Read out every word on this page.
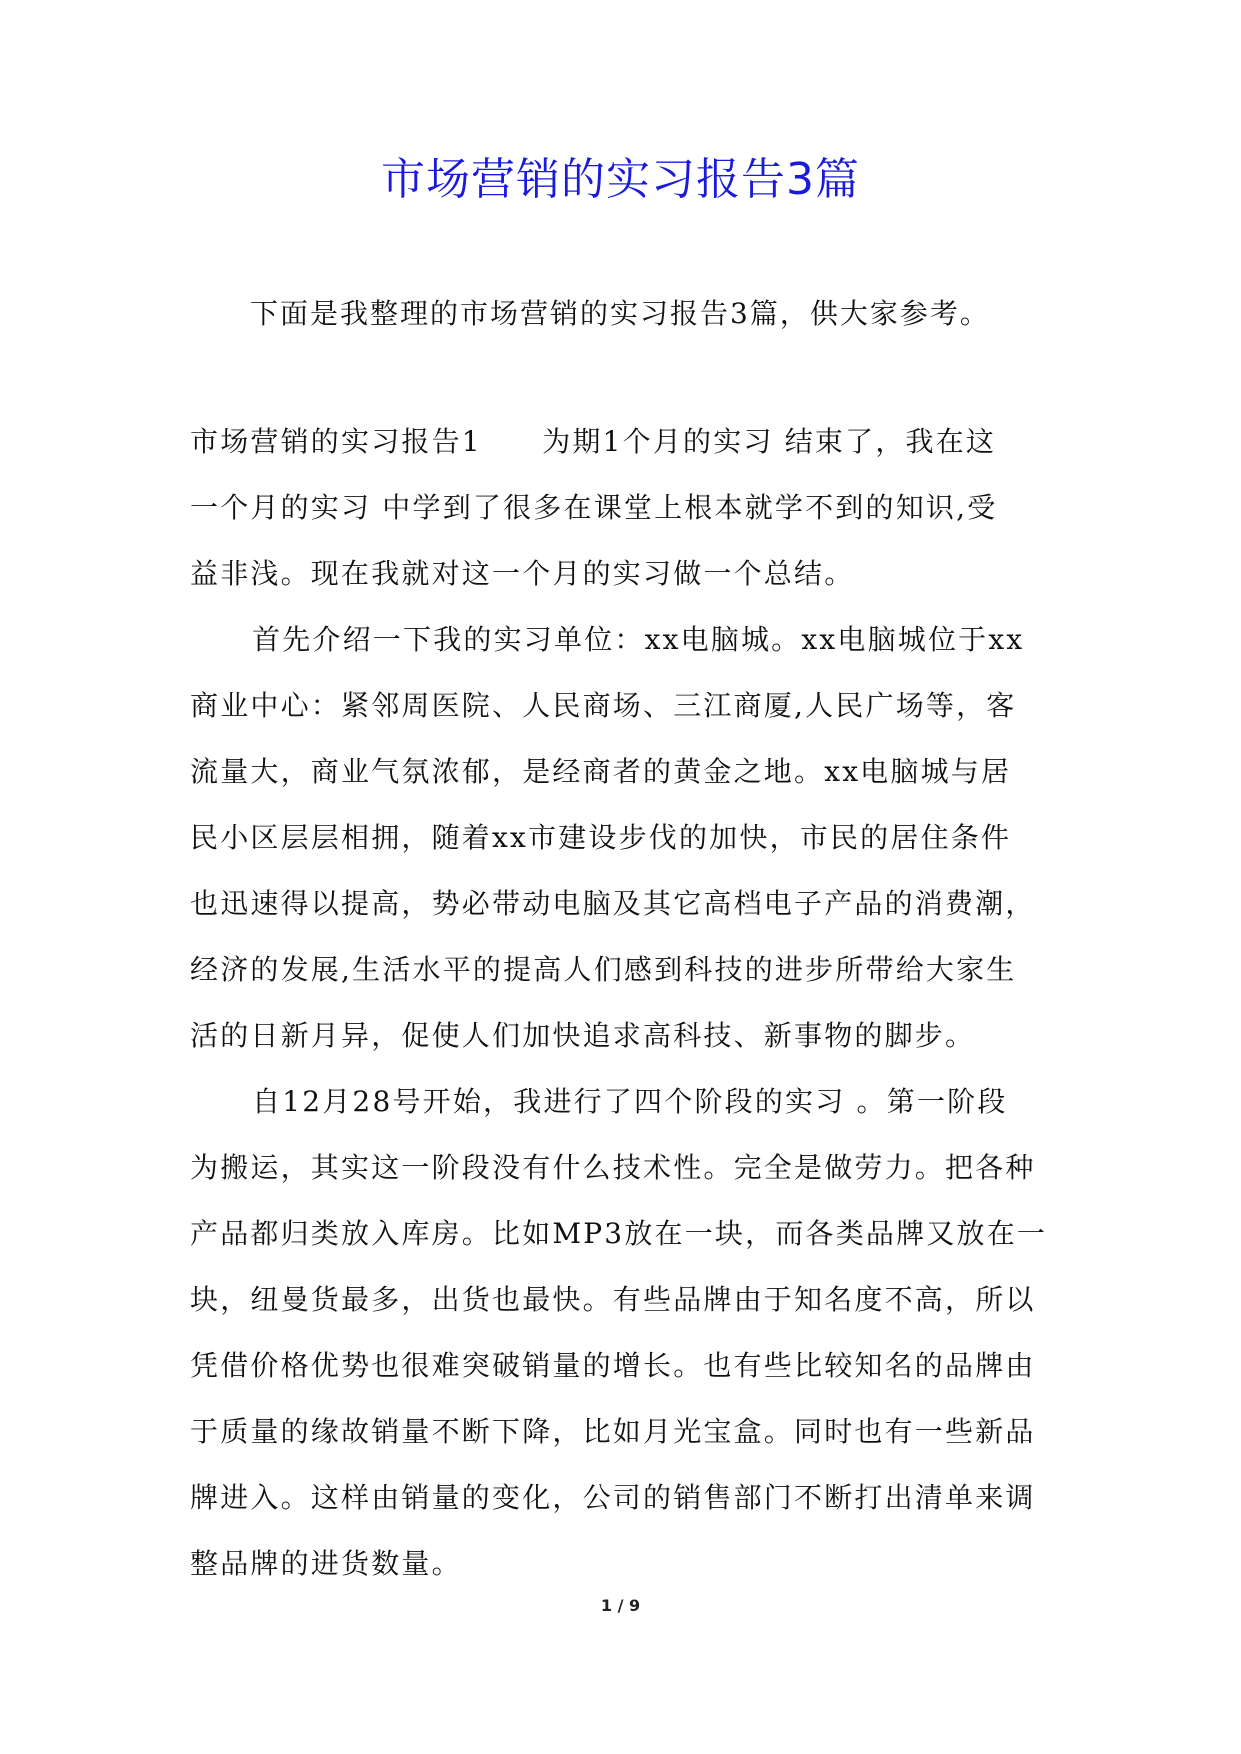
市场营销的实习报告3篇
下面是我整理的市场营销的实习报告3篇，供大家参考。
市场营销的实习报告1　　为期1个月的实习 结束了，我在这
一个月的实习 中学到了很多在课堂上根本就学不到的知识,受
益非浅。现在我就对这一个月的实习做一个总结。
首先介绍一下我的实习单位：xx电脑城。xx电脑城位于xx
商业中心：紧邻周医院、人民商场、三江商厦,人民广场等，客
流量大，商业气氛浓郁，是经商者的黄金之地。xx电脑城与居
民小区层层相拥，随着xx市建设步伐的加快，市民的居住条件
也迅速得以提高，势必带动电脑及其它高档电子产品的消费潮，
经济的发展,生活水平的提高人们感到科技的进步所带给大家生
活的日新月异，促使人们加快追求高科技、新事物的脚步。
自12月28号开始，我进行了四个阶段的实习 。第一阶段
为搬运，其实这一阶段没有什么技术性。完全是做劳力。把各种
产品都归类放入库房。比如MP3放在一块，而各类品牌又放在一
块，纽曼货最多，出货也最快。有些品牌由于知名度不高，所以
凭借价格优势也很难突破销量的增长。也有些比较知名的品牌由
于质量的缘故销量不断下降，比如月光宝盒。同时也有一些新品
牌进入。这样由销量的变化，公司的销售部门不断打出清单来调
整品牌的进货数量。
1 / 9
